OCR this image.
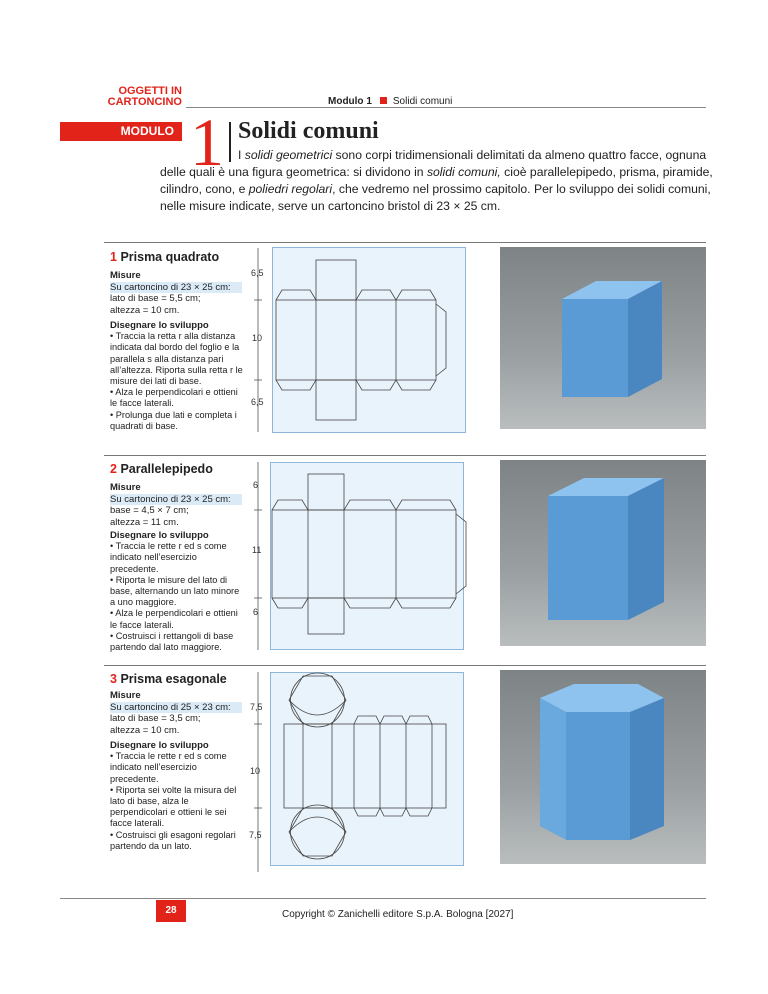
OGGETTI IN
CARTONCINO	Modulo 1 Solidi comuni
MODULO 1 Solidi comuni
I solidi geometrici sono corpi tridimensionali delimitati da almeno quattro facce, ognuna delle quali è una figura geometrica: si dividono in solidi comuni, cioè parallelepipedo, prisma, piramide, cilindro, cono, e poliedri regolari, che vedremo nel prossimo capitolo. Per lo sviluppo dei solidi comuni, nelle misure indicate, serve un cartoncino bristol di 23 × 25 cm.
1 Prisma quadrato
Misure
Su cartoncino di 23 × 25 cm:
lato di base = 5,5 cm;
altezza = 10 cm.
Disegnare lo sviluppo
• Traccia la retta r alla distanza indicata dal bordo del foglio e la parallela s alla distanza pari all’altezza. Riporta sulla retta r le misure dei lati di base.
• Alza le perpendicolari e ottieni le facce laterali.
• Prolunga due lati e completa i quadrati di base.
6,5
10
6,5
2 Parallelepipedo
Misure
Su cartoncino di 23 × 25 cm:
base = 4,5 × 7 cm;
altezza = 11 cm.
Disegnare lo sviluppo
• Traccia le rette r ed s come indicato nell’esercizio precedente.
• Riporta le misure del lato di base, alternando un lato minore a uno maggiore.
• Alza le perpendicolari e ottieni le facce laterali.
• Costruisci i rettangoli di base partendo dal lato maggiore.
6
11
6
3 Prisma esagonale
Misure
Su cartoncino di 25 × 23 cm:
lato di base = 3,5 cm;
altezza = 10 cm.
Disegnare lo sviluppo
• Traccia le rette r ed s come indicato nell’esercizio precedente.
• Riporta sei volte la misura del lato di base, alza le perpendicolari e ottieni le sei facce laterali.
• Costruisci gli esagoni regolari partendo da un lato.
7,5
10
7,5
28	Copyright © Zanichelli editore S.p.A. Bologna [2027]
